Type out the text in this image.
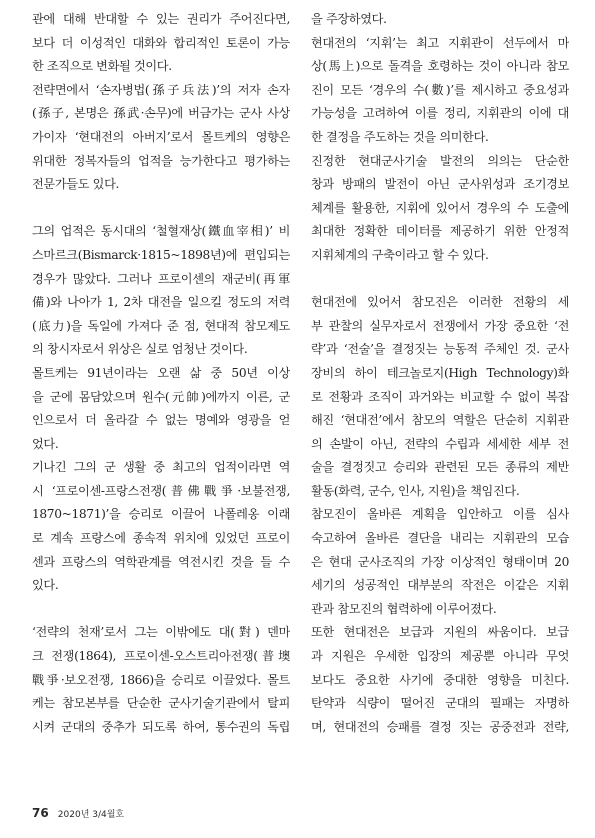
관에 대해 반대할 수 있는 권리가 주어진다면,
보다 더 이성적인 대화와 합리적인 토론이 가능
한 조직으로 변화될 것이다.
전략면에서 ‘손자병법(孫子兵法)’의 저자 손자
(孫子, 본명은 孫武·손무)에 버금가는 군사 사상
가이자 ‘현대전의 아버지’로서 몰트케의 영향은
위대한 정복자들의 업적을 능가한다고 평가하는
전문가들도 있다.
그의 업적은 동시대의 ‘철혈재상(鐵血宰相)’ 비
스마르크(Bismarck·1815~1898년)에 편입되는
경우가 많았다. 그러나 프로이센의 재군비(再軍
備)와 나아가 1, 2차 대전을 일으킬 정도의 저력
(底力)을 독일에 가져다 준 점, 현대적 참모제도
의 창시자로서 위상은 실로 엄청난 것이다.
몰트케는 91년이라는 오랜 삶 중 50년 이상
을 군에 몸담았으며 원수(元帥)에까지 이른, 군
인으로서 더 올라갈 수 없는 명예와 영광을 얻
었다.
기나긴 그의 군 생활 중 최고의 업적이라면 역
시 ‘프로이센-프랑스전쟁(普佛戰爭·보불전쟁,
1870~1871)’을 승리로 이끌어 나폴레옹 이래
로 계속 프랑스에 종속적 위치에 있었던 프로이
센과 프랑스의 역학관계를 역전시킨 것을 들 수
있다.
‘전략의 천재’로서 그는 이밖에도 대(對) 덴마
크 전쟁(1864), 프로이센-오스트리아전쟁(普墺
戰爭·보오전쟁, 1866)을 승리로 이끌었다. 몰트
케는 참모본부를 단순한 군사기술기관에서 탈피
시켜 군대의 중추가 되도록 하여, 통수권의 독립
을 주장하였다.
현대전의 ‘지휘’는 최고 지휘관이 선두에서 마
상(馬上)으로 돌격을 호령하는 것이 아니라 참모
진이 모든 ‘경우의 수(數)’를 제시하고 중요성과
가능성을 고려하여 이를 정리, 지휘관의 이에 대
한 결정을 주도하는 것을 의미한다.
진정한 현대군사기술 발전의 의의는 단순한
창과 방패의 발전이 아닌 군사위성과 조기경보
체계를 활용한, 지휘에 있어서 경우의 수 도출에
최대한 정확한 데이터를 제공하기 위한 안정적
지휘체계의 구축이라고 할 수 있다.
현대전에 있어서 참모진은 이러한 전황의 세
부 관찰의 실무자로서 전쟁에서 가장 중요한 ‘전
략’과 ‘전술’을 결정짓는 능동적 주체인 것. 군사
장비의 하이 테크놀로지(High Technology)화
로 전황과 조직이 과거와는 비교할 수 없이 복잡
해진 ‘현대전’에서 참모의 역할은 단순히 지휘관
의 손발이 아닌, 전략의 수립과 세세한 세부 전
술을 결정짓고 승리와 관련된 모든 종류의 제반
활동(화력, 군수, 인사, 지원)을 책임진다.
참모진이 올바른 계획을 입안하고 이를 심사
숙고하여 올바른 결단을 내리는 지휘관의 모습
은 현대 군사조직의 가장 이상적인 형태이며 20
세기의 성공적인 대부분의 작전은 이같은 지휘
관과 참모진의 협력하에 이루어졌다.
또한 현대전은 보급과 지원의 싸움이다. 보급
과 지원은 우세한 입장의 제공뿐 아니라 무엇
보다도 중요한 사기에 중대한 영향을 미친다.
탄약과 식량이 떨어진 군대의 필패는 자명하
며, 현대전의 승패를 결정 짓는 공중전과 전략,
76 2020년 3/4월호
